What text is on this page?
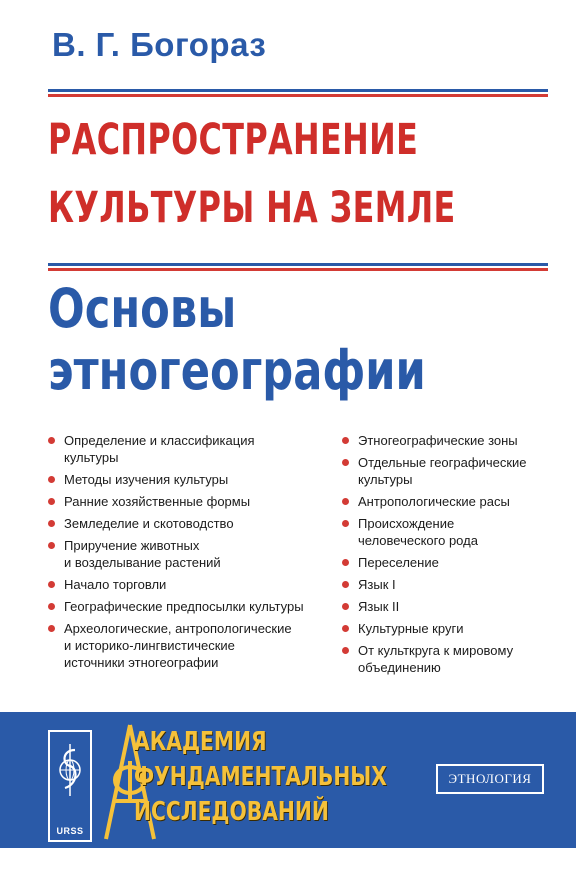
В. Г. Богораз
РАСПРОСТРАНЕНИЕ
КУЛЬТУРЫ НА ЗЕМЛЕ
Основы
этногеографии
Определение и классификация
культуры
Методы изучения культуры
Ранние хозяйственные формы
Земледелие и скотоводство
Приручение животных
и возделывание растений
Начало торговли
Географические предпосылки культуры
Археологические, антропологические
и историко-лингвистические
источники этногеографии
Этногеографические зоны
Отдельные географические
культуры
Антропологические расы
Происхождение
человеческого рода
Переселение
Язык I
Язык II
Культурные круги
От культкруга к мировому
объединению
URSS
АКАДЕМИЯ
ФУНДАМЕНТАЛЬНЫХ
ИССЛЕДОВАНИЙ
ЭТНОЛОГИЯ
